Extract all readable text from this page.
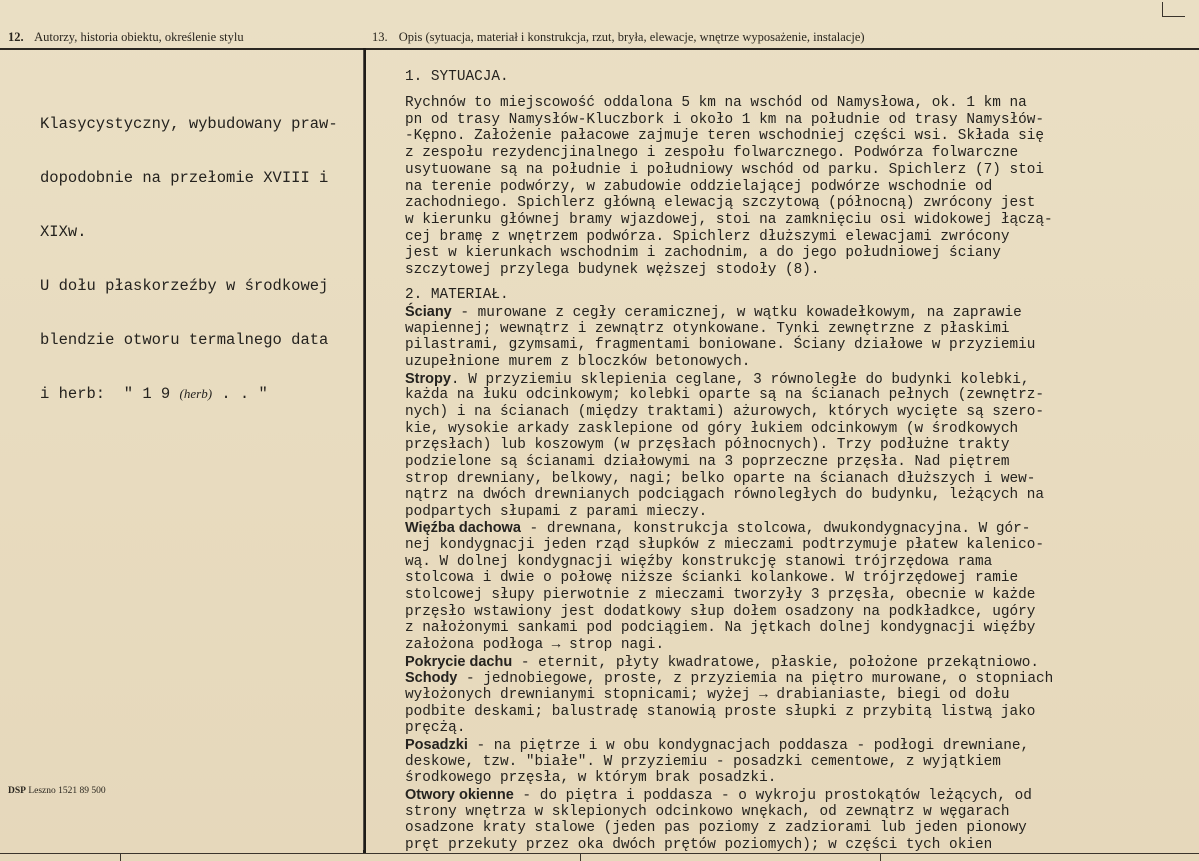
12. Autorzy, historia obiektu, określenie stylu	13. Opis (sytuacja, materiał i konstrukcja, rzut, bryła, elewacje, wnętrze wyposażenie, instalacje)

Klasycystyczny, wybudowany praw-

dopodobnie na przełomie XVIII i

XIXw.

U dołu płaskorzeźby w środkowej

blendzie otworu termalnego data

i herb:  " 1 9 (herb) . . "

DSP Leszno 1521 89 500
1. SYTUACJA.
Rychnów to miejscowość oddalona 5 km na wschód od Namysłowa, ok. 1 km na
pn od trasy Namysłów-Kluczbork i około 1 km na południe od trasy Namysłów-
-Kępno. Założenie pałacowe zajmuje teren wschodniej części wsi. Składa się
z zespołu rezydencjinalnego i zespołu folwarcznego. Podwórza folwarczne
usytuowane są na południe i południowy wschód od parku. Spichlerz (7) stoi
na terenie podwórzy, w zabudowie oddzielającej podwórze wschodnie od
zachodniego. Spichlerz główną elewacją szczytową (północną) zwrócony jest
w kierunku głównej bramy wjazdowej, stoi na zamknięciu osi widokowej łączą-
cej bramę z wnętrzem podwórza. Spichlerz dłuższymi elewacjami zwrócony
jest w kierunkach wschodnim i zachodnim, a do jego południowej ściany
szczytowej przylega budynek węższej stodoły (8).
2. MATERIAŁ.
Ściany - murowane z cegły ceramicznej, w wątku kowadełkowym, na zaprawie
wapiennej; wewnątrz i zewnątrz otynkowane. Tynki zewnętrzne z płaskimi
pilastrami, gzymsami, fragmentami boniowane. Ściany działowe w przyziemiu
uzupełnione murem z bloczków betonowych.
Stropy. W przyziemiu sklepienia ceglane, 3 równoległe do budynki kolebki,
każda na łuku odcinkowym; kolebki oparte są na ścianach pełnych (zewnętrz-
nych) i na ścianach (między traktami) ażurowych, których wycięte są szero-
kie, wysokie arkady zasklepione od góry łukiem odcinkowym (w środkowych
przęsłach) lub koszowym (w przęsłach północnych). Trzy podłużne trakty
podzielone są ścianami działowymi na 3 poprzeczne przęsła. Nad piętrem
strop drewniany, belkowy, nagi; belko oparte na ścianach dłuższych i wew-
nątrz na dwóch drewnianych podciągach równoległych do budynku, leżących na
podpartych słupami z parami mieczy.
Więźba dachowa - drewnana, konstrukcja stolcowa, dwukondygnacyjna. W gór-
nej kondygnacji jeden rząd słupków z mieczami podtrzymuje płatew kalenico-
wą. W dolnej kondygnacji więźby konstrukcję stanowi trójrzędowa rama
stolcowa i dwie o połowę niższe ścianki kolankowe. W trójrzędowej ramie
stolcowej słupy pierwotnie z mieczami tworzyły 3 przęsła, obecnie w każde
przęsło wstawiony jest dodatkowy słup dołem osadzony na podkładkce, ugóry
z nałożonymi sankami pod podciągiem. Na jętkach dolnej kondygnacji więźby
założona podłoga → strop nagi.
Pokrycie dachu - eternit, płyty kwadratowe, płaskie, położone przekątniowo.
Schody - jednobiegowe, proste, z przyziemia na piętro murowane, o stopniach
wyłożonych drewnianymi stopnicami; wyżej → drabianiaste, biegi od dołu
podbite deskami; balustradę stanowią proste słupki z przybitą listwą jako
pręcżą.
Posadzki - na piętrze i w obu kondygnacjach poddasza - podłogi drewniane,
deskowe, tzw. "białe". W przyziemiu - posadzki cementowe, z wyjątkiem
środkowego przęsła, w którym brak posadzki.
Otwory okienne - do piętra i poddasza - o wykroju prostokątów leżących, od
strony wnętrza w sklepionych odcinkowo wnękach, od zewnątrz w węgarach
osadzone kraty stalowe (jeden pas poziomy z zadziorami lub jeden pionowy
pręt przekuty przez oka dwóch prętów poziomych); w części tych okien
